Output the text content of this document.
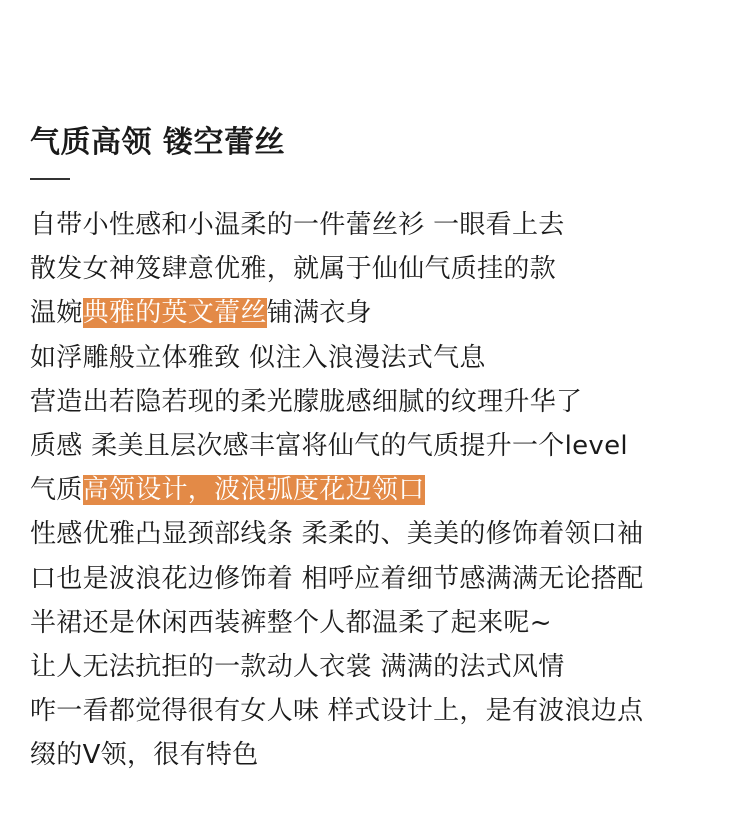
气质高领 镂空蕾丝
自带小性感和小温柔的一件蕾丝衫 一眼看上去
散发女神笈肆意优雅，就属于仙仙气质挂的款
温婉典雅的英文蕾丝铺满衣身
如浮雕般立体雅致 似注入浪漫法式气息
营造出若隐若现的柔光朦胧感细腻的纹理升华了
质感 柔美且层次感丰富将仙气的气质提升一个level
气质高领设计，波浪弧度花边领口
性感优雅凸显颈部线条 柔柔的、美美的修饰着领口袖
口也是波浪花边修饰着 相呼应着细节感满满无论搭配
半裙还是休闲西装裤整个人都温柔了起来呢~
让人无法抗拒的一款动人衣裳 满满的法式风情
咋一看都觉得很有女人味 样式设计上，是有波浪边点
缀的V领，很有特色
